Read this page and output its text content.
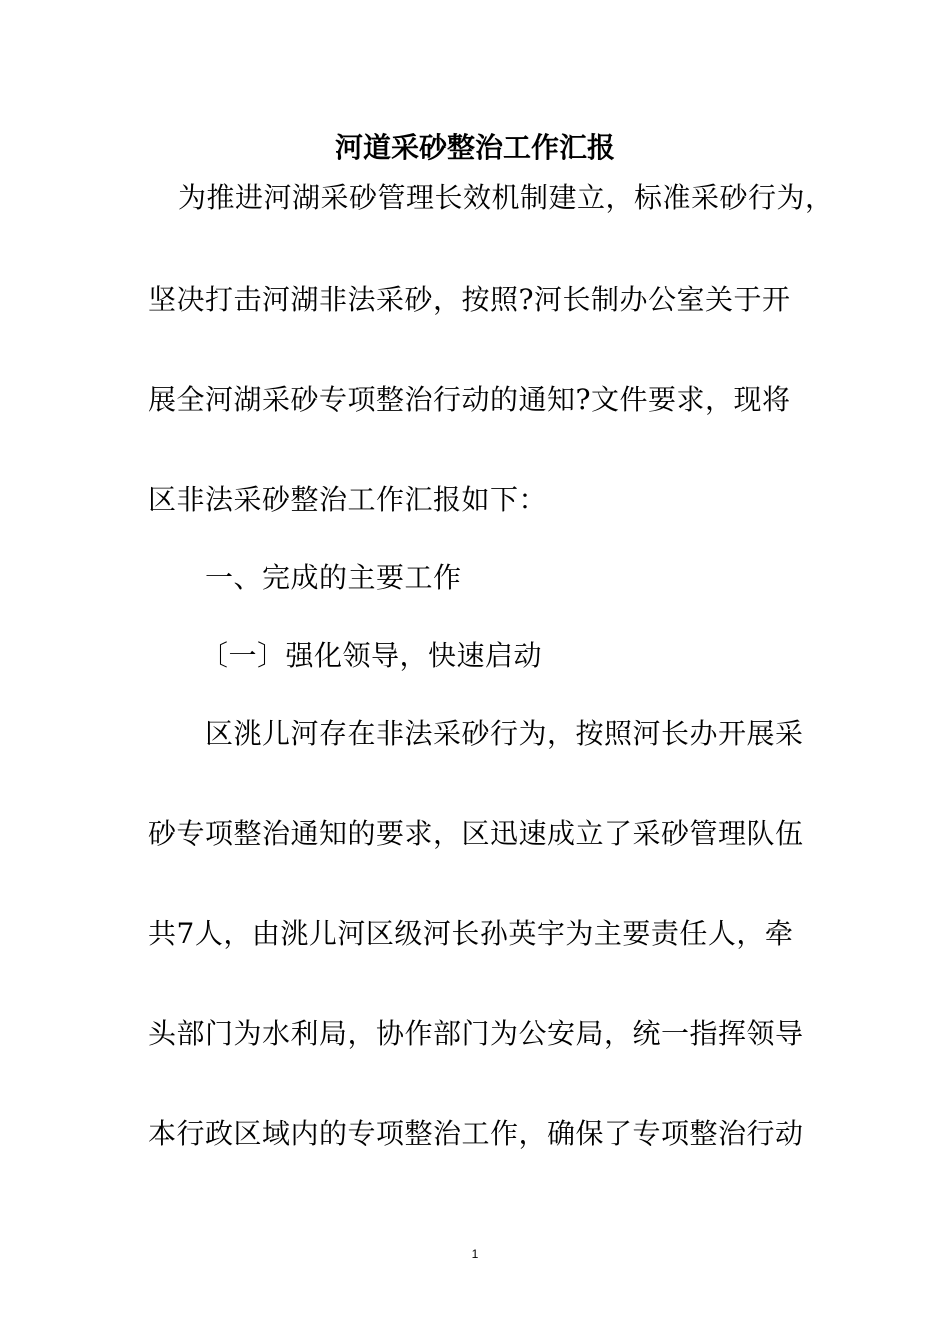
河道采砂整治工作汇报
为推进河湖采砂管理长效机制建立，标准采砂行为，
坚决打击河湖非法采砂，按照?河长制办公室关于开
展全河湖采砂专项整治行动的通知?文件要求，现将
区非法采砂整治工作汇报如下：
一、完成的主要工作
〔一〕强化领导，快速启动
区洮儿河存在非法采砂行为，按照河长办开展采
砂专项整治通知的要求，区迅速成立了采砂管理队伍
共7人，由洮儿河区级河长孙英宇为主要责任人，牵
头部门为水利局，协作部门为公安局，统一指挥领导
本行政区域内的专项整治工作，确保了专项整治行动
1
